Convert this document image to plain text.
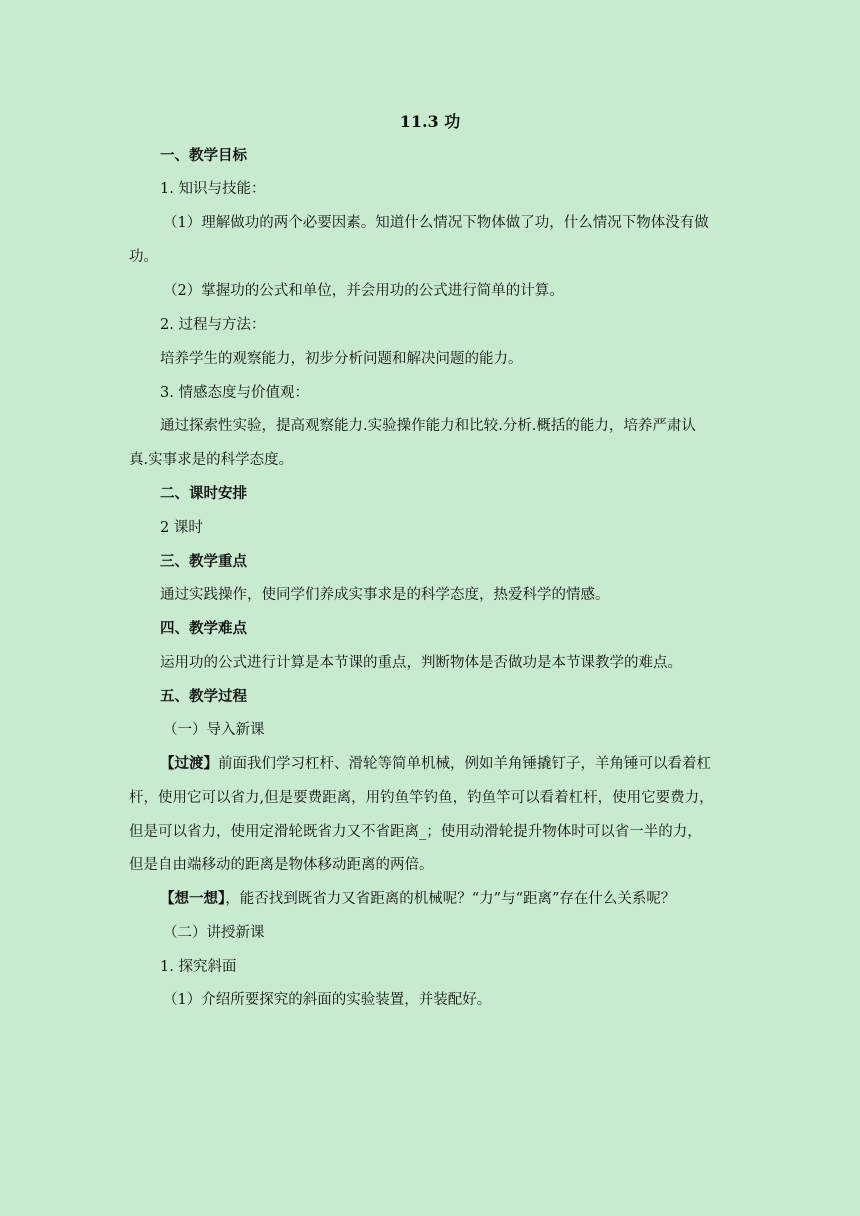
11.3 功
一、教学目标
1. 知识与技能：
（1）理解做功的两个必要因素。知道什么情况下物体做了功，什么情况下物体没有做
功。
（2）掌握功的公式和单位，并会用功的公式进行简单的计算。
2. 过程与方法：
培养学生的观察能力，初步分析问题和解决问题的能力。
3. 情感态度与价值观：
通过探索性实验，提高观察能力.实验操作能力和比较.分析.概括的能力，培养严肃认
真.实事求是的科学态度。
二、课时安排
2 课时
三、教学重点
通过实践操作，使同学们养成实事求是的科学态度，热爱科学的情感。
四、教学难点
运用功的公式进行计算是本节课的重点，判断物体是否做功是本节课教学的难点。
五、教学过程
（一）导入新课
【过渡】前面我们学习杠杆、滑轮等简单机械，例如羊角锤撬钉子，羊角锤可以看着杠
杆，使用它可以省力,但是要费距离，用钓鱼竿钓鱼，钓鱼竿可以看着杠杆，使用它要费力，
但是可以省力，使用定滑轮既省力又不省距离_；使用动滑轮提升物体时可以省一半的力，
但是自由端移动的距离是物体移动距离的两倍。
【想一想】，能否找到既省力又省距离的机械呢？“力”与“距离”存在什么关系呢？
（二）讲授新课
1. 探究斜面
（1）介绍所要探究的斜面的实验装置，并装配好。
